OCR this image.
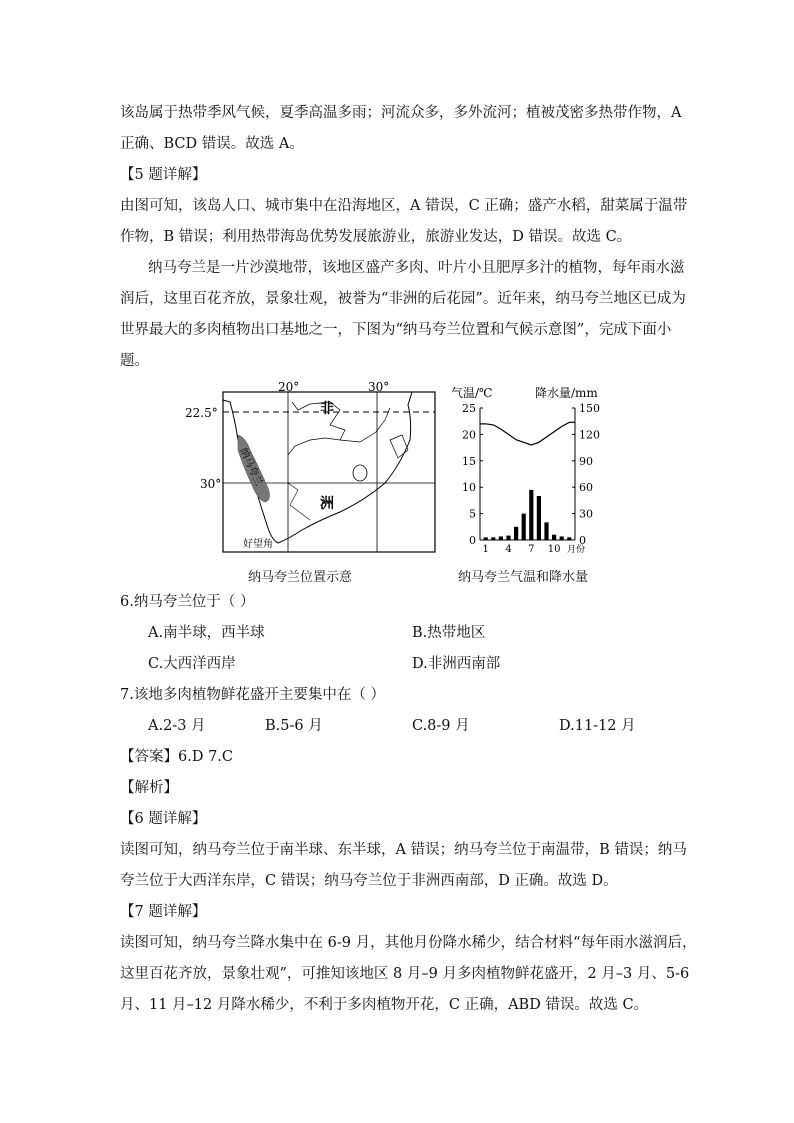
该岛属于热带季风气候，夏季高温多雨；河流众多，多外流河；植被茂密多热带作物，A
正确、BCD 错误。故选 A。
【5 题详解】
由图可知，该岛人口、城市集中在沿海地区，A 错误，C 正确；盛产水稻，甜菜属于温带
作物，B 错误；利用热带海岛优势发展旅游业，旅游业发达，D 错误。故选 C。
纳马夸兰是一片沙漠地带，该地区盛产多肉、叶片小且肥厚多汁的植物，每年雨水滋
润后，这里百花齐放，景象壮观，被誉为“非洲的后花园”。近年来，纳马夸兰地区已成为
世界最大的多肉植物出口基地之一，下图为“纳马夸兰位置和气候示意图”，完成下面小
题。
纳马夸兰
20°	30°
22.5°
30°
非
洲
好望角
纳马夸兰位置示意
气温/℃	降水量/mm
0
5
10
15
20
25
0
30
60
90
120
150
1 4 7 10 月份
纳马夸兰气温和降水量
6.纳马夸兰位于（ ）
A.南半球，西半球	B.热带地区
C.大西洋西岸	D.非洲西南部
7.该地多肉植物鲜花盛开主要集中在（ ）
A.2-3 月	B.5-6 月	C.8-9 月	D.11-12 月
【答案】6.D 7.C
【解析】
【6 题详解】
读图可知，纳马夸兰位于南半球、东半球，A 错误；纳马夸兰位于南温带，B 错误；纳马
夸兰位于大西洋东岸，C 错误；纳马夸兰位于非洲西南部，D 正确。故选 D。
【7 题详解】
读图可知，纳马夸兰降水集中在 6-9 月，其他月份降水稀少，结合材料“每年雨水滋润后，
这里百花齐放，景象壮观”，可推知该地区 8 月–9 月多肉植物鲜花盛开，2 月–3 月、5-6
月、11 月–12 月降水稀少，不利于多肉植物开花，C 正确，ABD 错误。故选 C。
